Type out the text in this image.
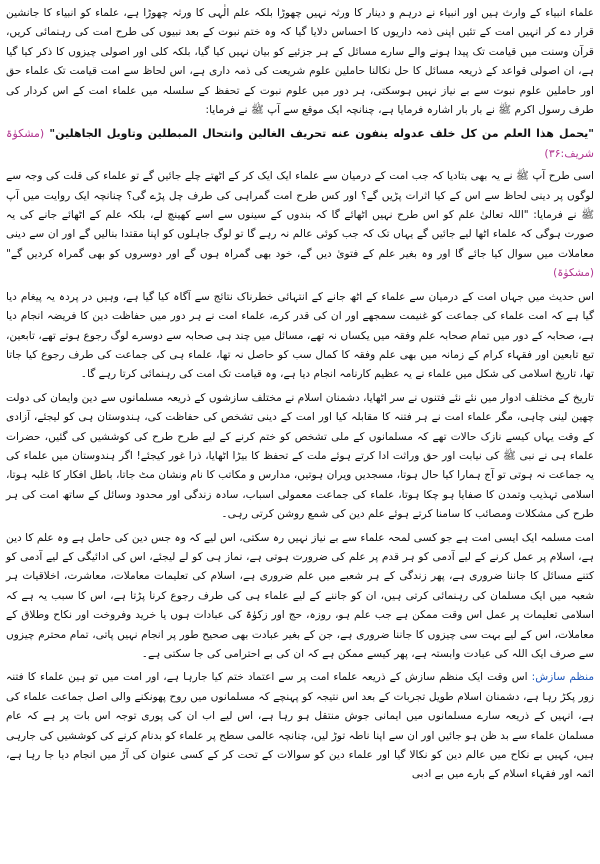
علماء انبیاء کے وارث ہیں اور انبیاء نے درہم و دینار کا ورثہ نہیں چھوڑا بلکہ علم الٰہی کا ورثہ چھوڑا ہے، علماء کو انبیاء کا جانشین قرار دے کر انہیں امت کے تئیں اپنی ذمہ داریوں کا احساس دلایا گیا کہ وہ ختم نبوت کے بعد نبیوں کی طرح امت کی رہنمائی کریں، قرآن وسنت میں قیامت تک پیدا ہونے والے سارے مسائل کے ہر جزئیے کو بیان نہیں کیا گیا، بلکہ کلی اور اصولی چیزوں کا ذکر کیا گیا ہے، ان اصولی قواعد کے ذریعہ مسائل کا حل نکالنا حاملین علوم شریعت کی ذمہ داری ہے، اس لحاظ سے امت قیامت تک علماء حق اور حاملین علوم نبوت سے بے نیاز نہیں ہوسکتی، ہر دور میں علوم نبوت کے تحفظ کے سلسلہ میں علماء امت کے اس کردار کی طرف رسول اکرم ﷺ نے بار بار اشارہ فرمایا ہے، چنانچہ ایک موقع سے آپ ﷺ نے فرمایا:

"یحمل هذا العلم من كل خلف عدوله ینفون عنه تحریف الغالین وانتحال المبطلین وتاویل الجاهلین" (مشکوٰۃ شریف:۳۶)

اسی طرح آپ ﷺ نے یہ بھی بتادیا کہ جب امت کے درمیان سے علماء ایک ایک کر کے اٹھتے چلے جائیں گے تو علماء کی قلت کی وجہ سے لوگوں پر دینی لحاظ سے اس کے کیا اثرات پڑیں گے؟ اور کس طرح امت گمراہی کی طرف چل پڑے گی؟ چنانچہ ایک روایت میں آپ ﷺ نے فرمایا: "اللہ تعالیٰ علم کو اس طرح نہیں اٹھائے گا کہ بندوں کے سینوں سے اسے کھینچ لے، بلکہ علم کے اٹھائے جانے کی یہ صورت ہوگی کہ علماء اٹھا لیے جائیں گے یہاں تک کہ جب کوئی عالم نہ رہے گا تو لوگ جاہلوں کو اپنا مقتدا بنالیں گے اور ان سے دینی معاملات میں سوال کیا جائے گا اور وہ بغیر علم کے فتویٰ دیں گے، خود بھی گمراہ ہوں گے اور دوسروں کو بھی گمراہ کردیں گے" (مشکوٰۃ)

اس حدیث میں جہاں امت کے درمیان سے علماء کے اٹھ جانے کے انتہائی خطرناک نتائج سے آگاہ کیا گیا ہے، وہیں در پردہ یہ پیغام دیا گیا ہے کہ امت علماء کی جماعت کو غنیمت سمجھے اور ان کی قدر کرے، علماء امت نے ہر دور میں حفاظت دین کا فریضہ انجام دیا ہے، صحابہ کے دور میں تمام صحابہ علم وفقہ میں یکساں نہ تھے، مسائل میں چند ہی صحابہ سے دوسرے لوگ رجوع ہوتے تھے، تابعین، تبع تابعین اور فقہاء کرام کے زمانہ میں بھی علم وفقہ کا کمال سب کو حاصل نہ تھا، علماء ہی کی جماعت کی طرف رجوع کیا جاتا تھا، تاریخ اسلامی کی شکل میں علماء نے یہ عظیم کارنامہ انجام دیا ہے، وہ قیامت تک امت کی رہنمائی کرتا رہے گا۔

تاریخ کے مختلف ادوار میں نئے نئے فتنوں نے سر اٹھایا، دشمنان اسلام نے مختلف سازشوں کے ذریعہ مسلمانوں سے دین وایمان کی دولت چھین لینی چاہی، مگر علماء امت نے ہر فتنہ کا مقابلہ کیا اور امت کے دینی تشخص کی حفاظت کی، ہندوستان ہی کو لیجئے، آزادی کے وقت یہاں کیسے نازک حالات تھے کہ مسلمانوں کے ملی تشخص کو ختم کرنے کے لیے طرح طرح کی کوششیں کی گئیں، حضرات علماء ہی نے نبی ﷺ کی نیابت اور حق وراثت ادا کرتے ہوئے ملت کے تحفظ کا بیڑا اٹھایا، ذرا غور کیجئے! اگر ہندوستان میں علماء کی یہ جماعت نہ ہوتی تو آج ہمارا کیا حال ہوتا، مسجدیں ویران ہوتیں، مدارس و مکاتب کا نام ونشان مٹ جاتا، باطل افکار کا غلبہ ہوتا، اسلامی تہذیب وتمدن کا صفایا ہو چکا ہوتا، علماء کی جماعت معمولی اسباب، سادہ زندگی اور محدود وسائل کے ساتھ امت کی ہر طرح کی مشکلات ومصائب کا سامنا کرتے ہوئے علم دین کی شمع روشن کرتی رہی۔

امت مسلمہ ایک ایسی امت ہے جو کسی لمحہ علماء سے بے نیاز نہیں رہ سکتی، اس لیے کہ وہ جس دین کی حامل ہے وہ علم کا دین ہے، اسلام پر عمل کرنے کے لیے آدمی کو ہر قدم پر علم کی ضرورت ہوتی ہے، نماز ہی کو لے لیجئے، اس کی ادائیگی کے لیے آدمی کو کتنے مسائل کا جاننا ضروری ہے، پھر زندگی کے ہر شعبے میں علم ضروری ہے، اسلام کی تعلیمات معاملات، معاشرت، اخلاقیات ہر شعبہ میں ایک مسلمان کی رہنمائی کرتی ہیں، ان کو جاننے کے لیے علماء ہی کی طرف رجوع کرنا پڑتا ہے، اس کا سبب یہ ہے کہ اسلامی تعلیمات پر عمل اس وقت ممکن ہے جب علم ہو، روزہ، حج اور زکوٰۃ کی عبادات ہوں یا خرید وفروخت اور نکاح وطلاق کے معاملات، اس کے لیے بہت سی چیزوں کا جاننا ضروری ہے، جن کے بغیر عبادت بھی صحیح طور پر انجام نہیں پاتی، تمام محترم چیزوں سے صرف ایک اللہ کی عبادت وابستہ ہے، پھر کیسے ممکن ہے کہ ان کی بے احترامی کی جا سکتی ہے۔

منظم سازش: اس وقت ایک منظم سازش کے ذریعہ علماء امت پر سے اعتماد ختم کیا جارہا ہے، اور امت میں تو ہین علماء کا فتنہ زور پکڑ رہا ہے، دشمنان اسلام طویل تجربات کے بعد اس نتیجہ کو پہنچے کہ مسلمانوں میں روح پھونکنے والی اصل جماعت علماء کی ہے، انہیں کے ذریعہ سارے مسلمانوں میں ایمانی جوش منتقل ہو رہا ہے، اس لیے اب ان کی پوری توجہ اس بات پر ہے کہ عام مسلمان علماء سے بد ظن ہو جائیں اور ان سے اپنا ناطہ توڑ لیں، چنانچہ عالمی سطح پر علماء کو بدنام کرنے کی کوششیں کی جارہی ہیں، کہیں بے نکاح میں عالم دین کو نکالا گیا اور علماء دین کو سوالات کے تحت کر کے کسی عنوان کی آڑ میں انجام دیا جا رہا ہے، ائمہ اور فقہاء اسلام کے بارے میں بے ادبی
